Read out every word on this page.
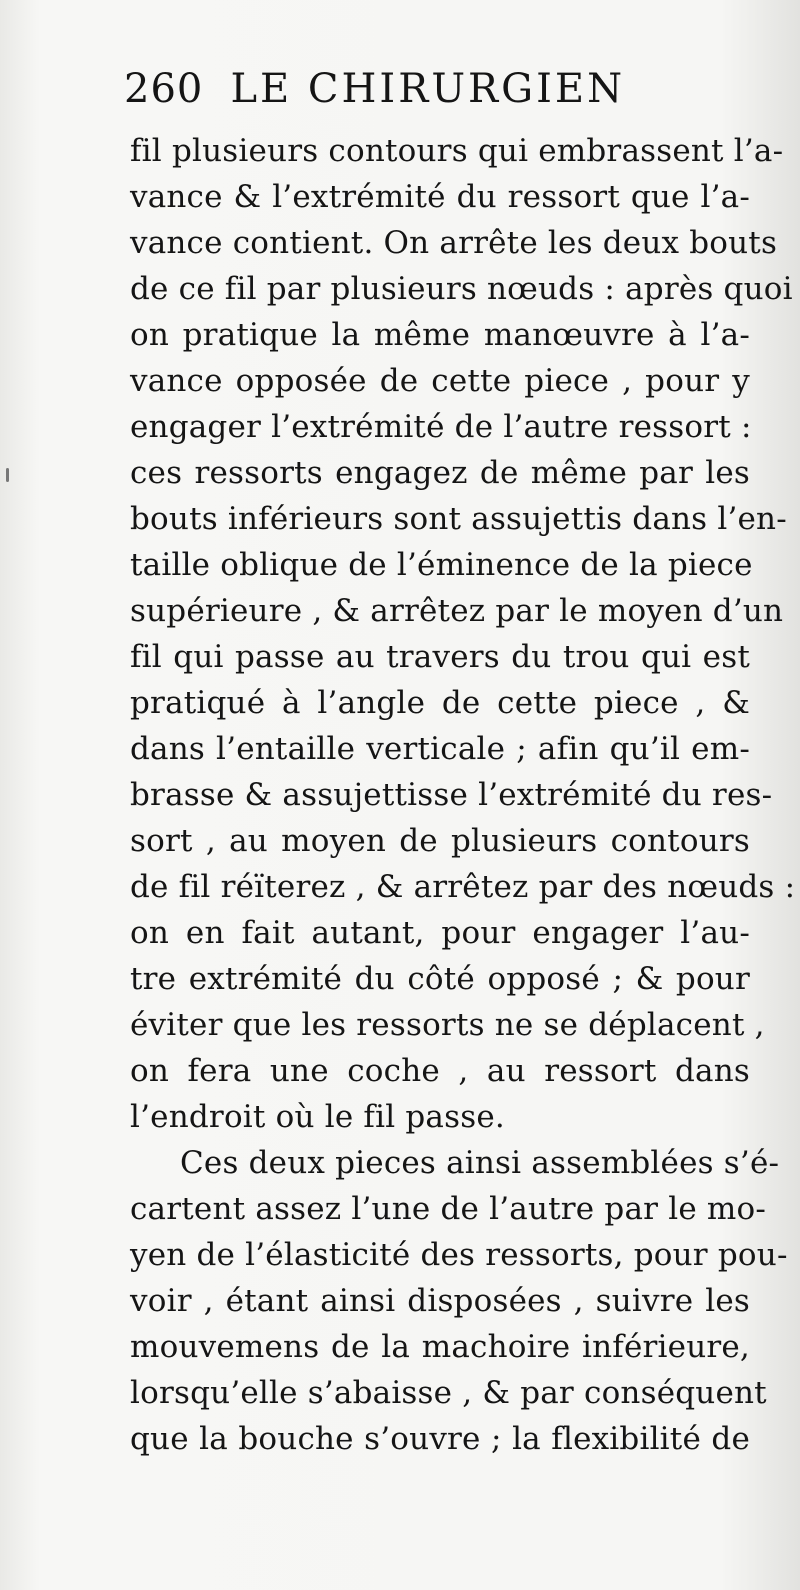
260 LE CHIRURGIEN
fil plusieurs contours qui embrassent l’a-
vance & l’extrémité du ressort que l’a-
vance contient. On arrête les deux bouts
de ce fil par plusieurs nœuds : après quoi
on pratique la même manœuvre à l’a-
vance opposée de cette piece , pour y
engager l’extrémité de l’autre ressort :
ces ressorts engagez de même par les
bouts inférieurs sont assujettis dans l’en-
taille oblique de l’éminence de la piece
supérieure , & arrêtez par le moyen d’un
fil qui passe au travers du trou qui est
pratiqué à l’angle de cette piece , &
dans l’entaille verticale ; afin qu’il em-
brasse & assujettisse l’extrémité du res-
sort , au moyen de plusieurs contours
de fil réïterez , & arrêtez par des nœuds :
on en fait autant, pour engager l’au-
tre extrémité du côté opposé ; & pour
éviter que les ressorts ne se déplacent ,
on fera une coche , au ressort dans
l’endroit où le fil passe.
Ces deux pieces ainsi assemblées s’é-
cartent assez l’une de l’autre par le mo-
yen de l’élasticité des ressorts, pour pou-
voir , étant ainsi disposées , suivre les
mouvemens de la machoire inférieure,
lorsqu’elle s’abaisse , & par conséquent
que la bouche s’ouvre ; la flexibilité de
